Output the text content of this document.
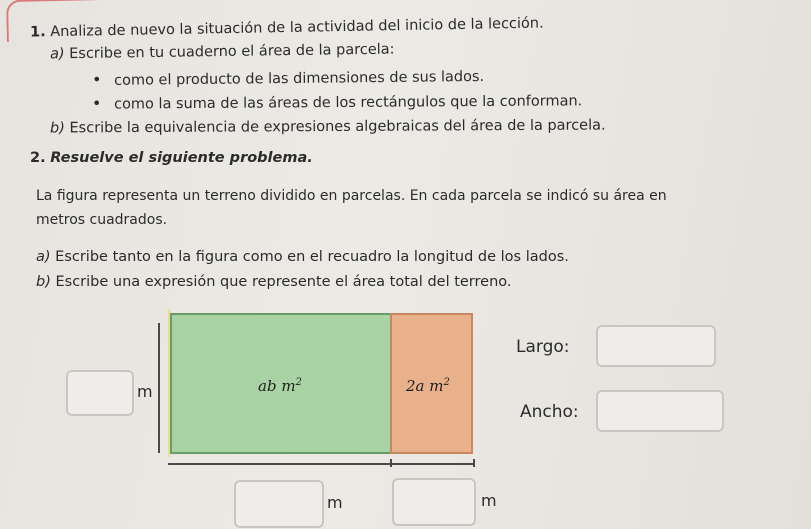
1. Analiza de nuevo la situación de la actividad del inicio de la lección.
a) Escribe en tu cuaderno el área de la parcela:
• como el producto de las dimensiones de sus lados.
• como la suma de las áreas de los rectángulos que la conforman.
b) Escribe la equivalencia de expresiones algebraicas del área de la parcela.
2. Resuelve el siguiente problema.
La figura representa un terreno dividido en parcelas. En cada parcela se indicó su área en
metros cuadrados.
a) Escribe tanto en la figura como en el recuadro la longitud de los lados.
b) Escribe una expresión que represente el área total del terreno.
m	ab $m^2$	2a $m^2$
m	m
Largo:
Ancho:
